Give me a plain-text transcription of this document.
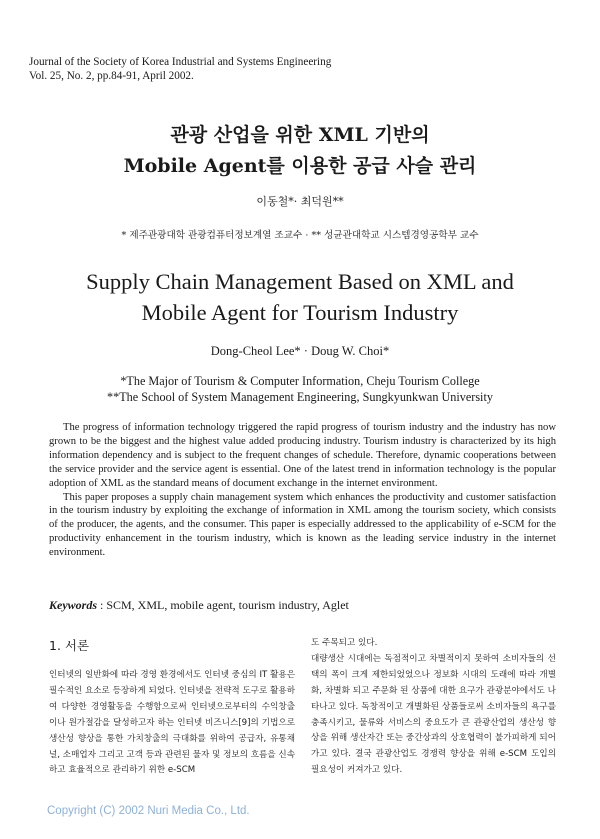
Journal of the Society of Korea Industrial and Systems Engineering
Vol. 25, No. 2, pp.84-91, April 2002.
관광 산업을 위한 XML 기반의
Mobile Agent를 이용한 공급 사슬 관리
이동철*· 최덕원**
* 제주관광대학 관광컴퓨터정보계열 조교수 · ** 성균관대학교 시스템경영공학부 교수
Supply Chain Management Based on XML and
Mobile Agent for Tourism Industry
Dong-Cheol Lee* · Doug W. Choi*
*The Major of Tourism & Computer Information, Cheju Tourism College
**The School of System Management Engineering, Sungkyunkwan University

The progress of information technology triggered the rapid progress of tourism industry and the industry has now grown to be the biggest and the highest value added producing industry. Tourism industry is characterized by its high information dependency and is subject to the frequent changes of schedule. Therefore, dynamic cooperations between the service provider and the service agent is essential. One of the latest trend in information technology is the popular adoption of XML as the standard means of document exchange in the internet environment.

This paper proposes a supply chain management system which enhances the productivity and customer satisfaction in the tourism industry by exploiting the exchange of information in XML among the tourism society, which consists of the producer, the agents, and the consumer. This paper is especially addressed to the applicability of e-SCM for the productivity enhancement in the tourism industry, which is known as the leading service industry in the internet environment.

Keywords : SCM, XML, mobile agent, tourism industry, Aglet
1. 서론

인터넷의 일반화에 따라 경영 환경에서도 인터넷 중심의 IT 활용은 필수적인 요소로 등장하게 되었다. 인터넷을 전략적 도구로 활용하여 다양한 경영활동을 수행함으로써 인터넷으로부터의 수익창출이나 원가절감을 달성하고자 하는 인터넷 비즈니스[9]의 기법으로 생산성 향상을 통한 가치창출의 극대화를 위하여 공급자, 유통채널, 소매업자 그리고 고객 등과 관련된 물자 및 정보의 흐름을 신속하고 효율적으로 관리하기 위한 e-SCM

도 주목되고 있다.

대량생산 시대에는 독점적이고 차별적이지 못하여 소비자들의 선택의 폭이 크게 제한되었었으나 정보화 시대의 도래에 따라 개별화, 차별화 되고 주문화 된 상품에 대한 요구가 관광분야에서도 나타나고 있다. 독창적이고 개별화된 상품들로써 소비자들의 욕구를 충족시키고, 물류와 서비스의 중요도가 큰 관광산업의 생산성 향상을 위해 생산자간 또는 중간상과의 상호협력이 불가피하게 되어가고 있다. 결국 관광산업도 경쟁력 향상을 위해 e-SCM 도입의 필요성이 커져가고 있다.

Copyright (C) 2002 Nuri Media Co., Ltd.
